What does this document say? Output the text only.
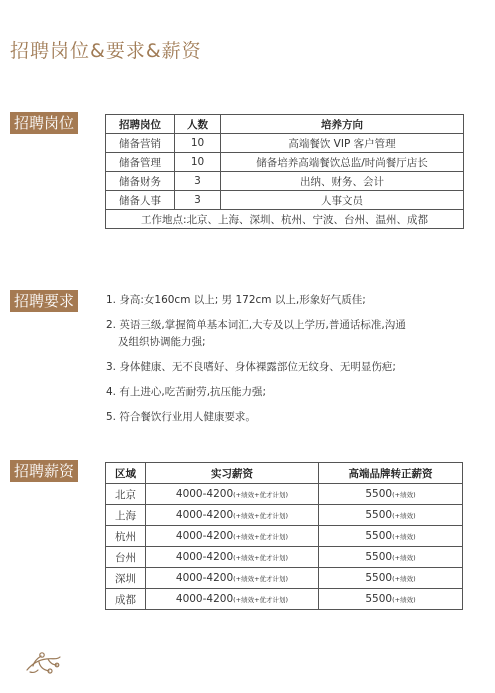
招聘岗位&要求&薪资
招聘岗位	招聘岗位	人数	培养方向
储备营销	10	高端餐饮 VIP 客户管理
储备管理	10	储备培养高端餐饮总监/时尚餐厅店长
储备财务	3	出纳、财务、会计
储备人事	3	人事文员
工作地点:北京、上海、深圳、杭州、宁波、台州、温州、成都		
招聘要求	1. 身高:女160cm 以上; 男 172cm 以上,形象好气质佳;
2. 英语三级,掌握简单基本词汇,大专及以上学历,普通话标准,沟通
及组织协调能力强;
3. 身体健康、无不良嗜好、身体裸露部位无纹身、无明显伤疤;
4. 有上进心,吃苦耐劳,抗压能力强;
5. 符合餐饮行业用人健康要求。
招聘薪资	区域	实习薪资	高端品牌转正薪资
北京	4000-4200(+绩效+优才计划)	5500(+绩效)
上海	4000-4200(+绩效+优才计划)	5500(+绩效)
杭州	4000-4200(+绩效+优才计划)	5500(+绩效)
台州	4000-4200(+绩效+优才计划)	5500(+绩效)
深圳	4000-4200(+绩效+优才计划)	5500(+绩效)
成都	4000-4200(+绩效+优才计划)	5500(+绩效)
